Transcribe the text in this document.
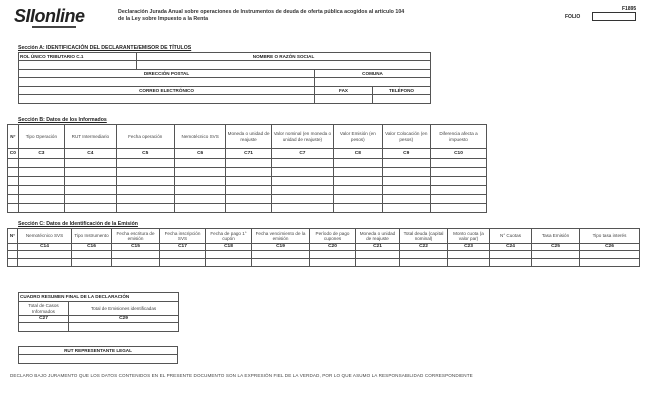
SIIonline	Declaración Jurada Anual sobre operaciones de Instrumentos de deuda de oferta pública acogidos al artículo 104
de la Ley sobre Impuesto a la Renta
F1895
FOLIO
Sección A: IDENTIFICACIÓN DEL DECLARANTE/EMISOR DE TÍTULOS
ROL ÚNICO TRIBUTARIO C.1	NOMBRE O RAZÓN SOCIAL		

DIRECCIÓN POSTAL		COMUNA	

CORREO ELECTRÓNICO		FAX	TELÉFONO

Sección B: Datos de los Informados
N°	Tipo Operación	RUT Intermediario	Fecha operación	Nemotécnico SVS	Moneda o unidad de reajuste	Valor nominal (en moneda o unidad de reajuste)	Valor Emisión (en pesos)	Valor Colocación (en pesos)	Diferencia afecta a impuesto
C0	C3	C4	C5	C6	C71	C7	C8	C9	C10

Sección C: Datos de Identificación de la Emisión
N°	Nemotécnico SVS	Tipo Instrumento	Fecha escritura de emisión	Fecha inscripción SVS	Fecha de pago 1° cupón	Fecha vencimiento de la emisión	Período de pago cupones	Moneda o unidad de reajuste	Total deuda (capital nominal)	Monto cuota (a valor par)	N° Cuotas	Tasa Emisión	Tipo tasa interés
	C14	C16	C15	C17	C18	C19	C20	C21	C22	C23	C24	C25	C26

CUADRO RESUMEN FINAL DE LA DECLARACIÓN	
Total de Casos Informados	Total de Emisiones identificadas
C27	C29

RUT REPRESENTANTE LEGAL

DECLARO BAJO JURAMENTO QUE LOS DATOS CONTENIDOS EN EL PRESENTE DOCUMENTO SON LA EXPRESIÓN FIEL DE LA VERDAD, POR LO QUE ASUMO LA RESPONSABILIDAD CORRESPONDIENTE
